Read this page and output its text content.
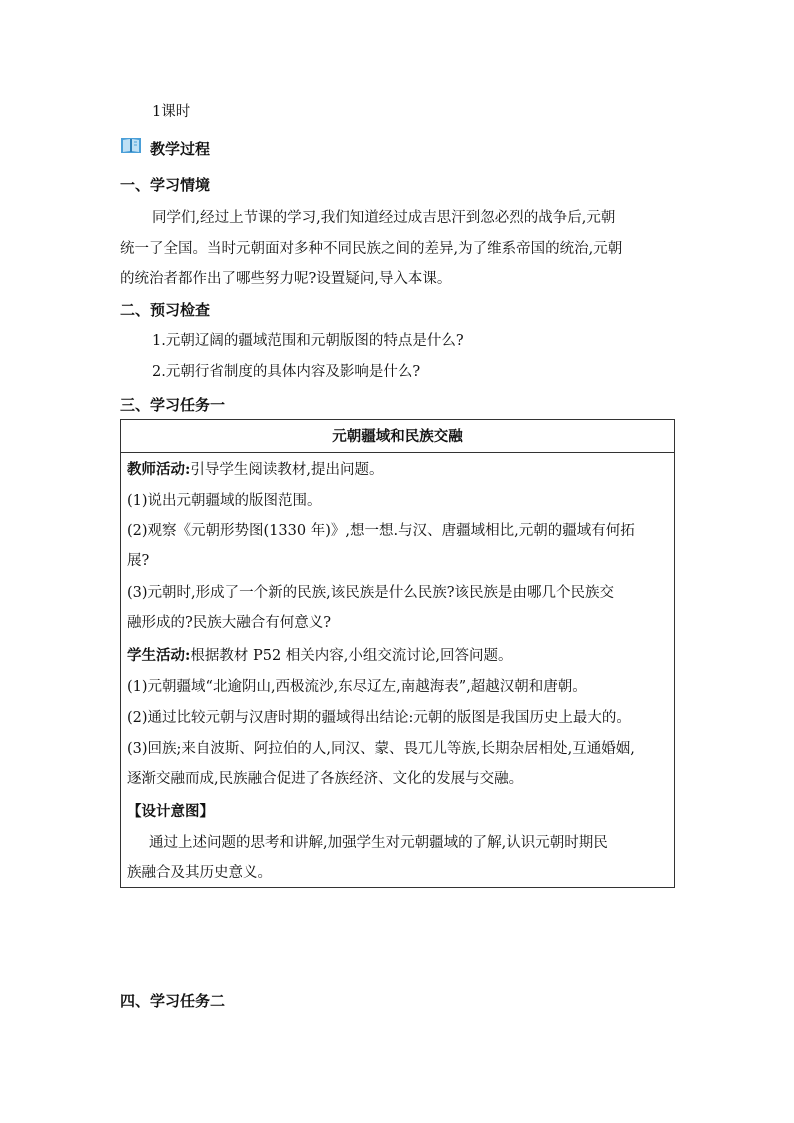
1课时
教学过程
一、学习情境
同学们,经过上节课的学习,我们知道经过成吉思汗到忽必烈的战争后,元朝
统一了全国。当时元朝面对多种不同民族之间的差异,为了维系帝国的统治,元朝
的统治者都作出了哪些努力呢?设置疑问,导入本课。
二、预习检查
1.元朝辽阔的疆域范围和元朝版图的特点是什么?
2.元朝行省制度的具体内容及影响是什么?
三、学习任务一
元朝疆域和民族交融
教师活动:引导学生阅读教材,提出问题。
(1)说出元朝疆域的版图范围。
(2)观察《元朝形势图(1330 年)》,想一想.与汉、唐疆域相比,元朝的疆域有何拓
展?
(3)元朝时,形成了一个新的民族,该民族是什么民族?该民族是由哪几个民族交
融形成的?民族大融合有何意义?
学生活动:根据教材 P52 相关内容,小组交流讨论,回答问题。
(1)元朝疆域“北逾阴山,西极流沙,东尽辽左,南越海表”,超越汉朝和唐朝。
(2)通过比较元朝与汉唐时期的疆域得出结论:元朝的版图是我国历史上最大的。
(3)回族;来自波斯、阿拉伯的人,同汉、蒙、畏兀儿等族,长期杂居相处,互通婚姻,
逐渐交融而成,民族融合促进了各族经济、文化的发展与交融。
【设计意图】
通过上述问题的思考和讲解,加强学生对元朝疆域的了解,认识元朝时期民
族融合及其历史意义。
四、学习任务二
